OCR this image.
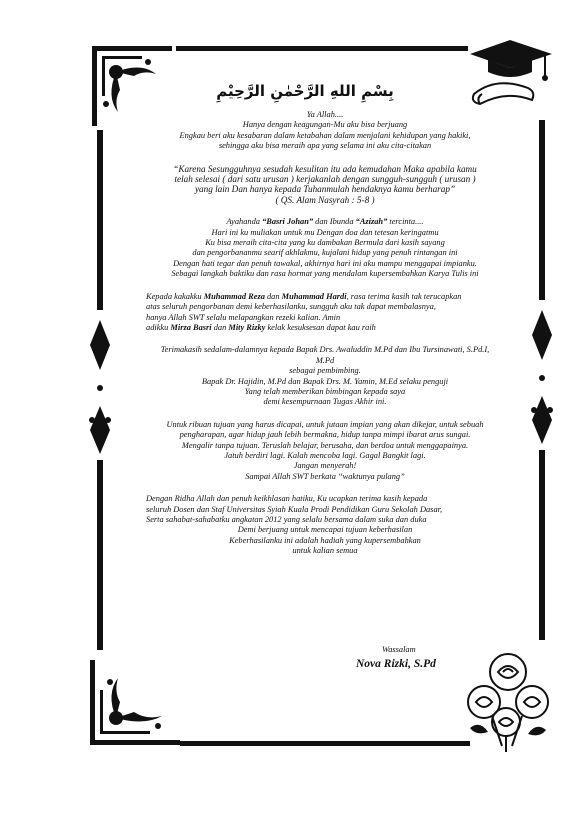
بِسْمِ اللهِ الرَّحْمٰنِ الرَّحِيْمِ

Ya Allah....

Hanya dengan keagungan-Mu aku bisa berjuang

Engkau beri aku kesabaran dalam ketabahan dalam menjalani kehidupan yang hakiki,

sehingga aku bisa meraih apa yang selama ini aku cita-citakan

“Karena Sesungguhnya sesudah kesulitan itu ada kemudahan Maka apabila kamu

telah selesai ( dari satu urusan ) kerjakanlah dengan sungguh-sungguh ( urusan )

yang lain Dan hanya kepada Tuhanmulah hendaknya kamu berharap”

( QS. Alam Nasyrah : 5-8 )

Ayahanda “Basri Johan” dan Ibunda “Azizah” tercinta....

Hari ini ku muliakan untuk mu Dengan doa dan tetesan keringatmu

Ku bisa meraih cita-cita yang ku dambakan Bermula dari kasih sayang

dan pengorbananmu searif akhlakmu, kujalani hidup yang penuh rintangan ini

Dengan hati tegar dan penuh tawakal, akhirnya hari ini aku mampu menggapai impianku.

Sebagai langkah baktiku dan rasa hormat yang mendalam kupersembahkan Karya Tulis ini

Kepada kakakku Muhammad Reza dan Muhammad Hardi, rasa terima kasih tak terucapkan

atas seluruh pengorbanan demi keberhasilanku, sungguh aku tak dapat membalasnya,

hanya Allah SWT selalu melapangkan rezeki kalian. Amin

adikku Mirza Basri dan Mity Rizky kelak kesuksesan dapat kau raih

Terimakasih sedalam-dalamnya kepada Bapak Drs. Awaluddin M.Pd dan Ibu Tursinawati, S.Pd.I,

M.Pd

sebagai pembimbing.

Bapak Dr. Hajidin, M.Pd dan Bapak Drs. M. Yamin, M.Ed selaku penguji

Yang telah memberikan bimbingan kepada saya

demi kesempurnaan Tugas Akhir ini.

Untuk ribuan tujuan yang harus dicapai, untuk jutaan impian yang akan dikejar, untuk sebuah

pengharapan, agar hidup jauh lebih bermakna, hidup tanpa mimpi ibarat arus sungai.

Mengalir tanpa tujuan. Teruslah belajar, berusaha, dan berdoa untuk menggapainya.

Jatuh berdiri lagi. Kalah mencoba lagi. Gagal Bangkit lagi.

Jangan menyerah!

Sampai Allah SWT berkata “waktunya pulang”

Dengan Ridha Allah dan penuh keikhlasan hatiku, Ku ucapkan terima kasih kepada

seluruh Dosen dan Staf Universitas Syiah Kuala Prodi Pendidikan Guru Sekolah Dasar,

Serta sahabat-sahabatku angkatan 2012 yang selalu bersama dalam suka dan duka

Demi berjuang untuk mencapai tujuan keberhasilan

Keberhasilanku ini adalah hadiah yang kupersembahkan

untuk kalian semua

Wassalam
Nova Rizki, S.Pd
